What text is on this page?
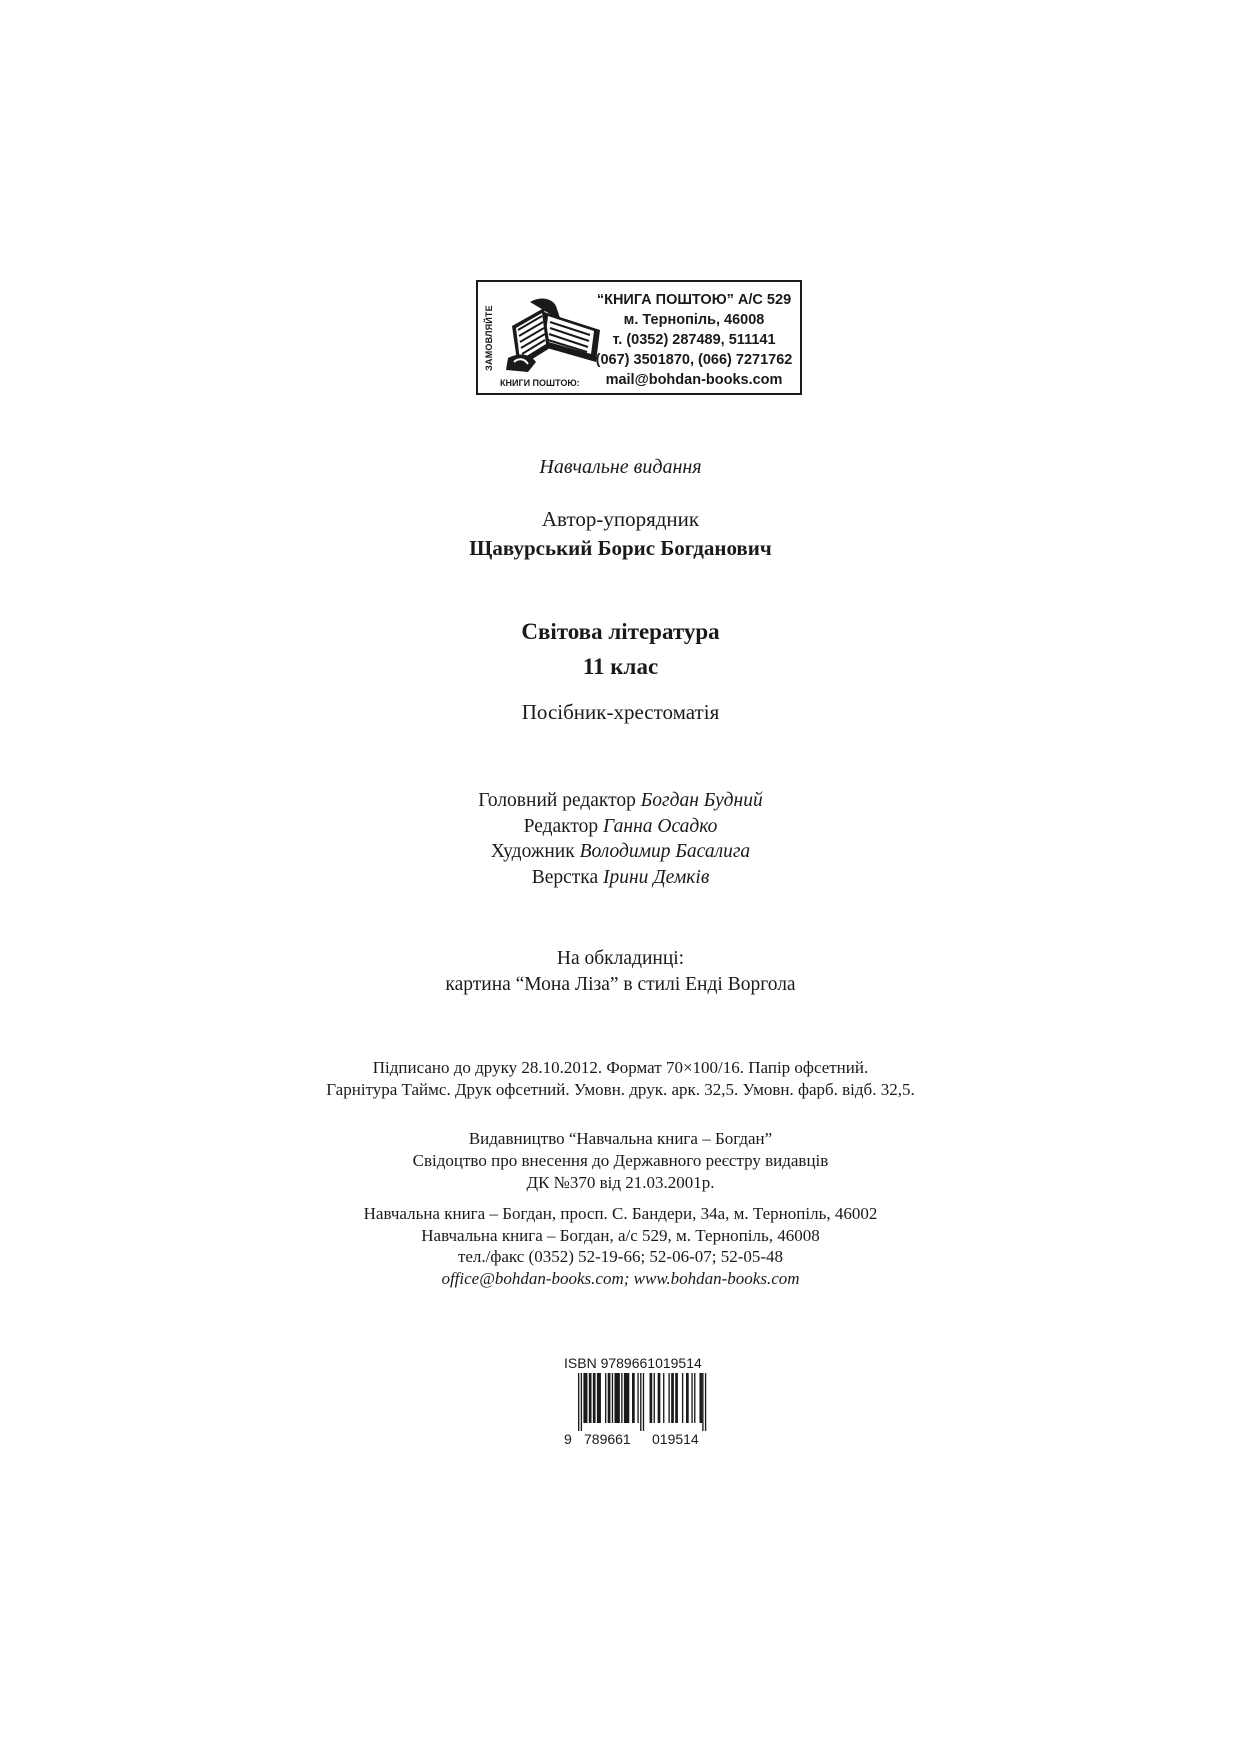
ЗАМОВЛЯЙТЕ
КНИГИ ПОШТОЮ:
“КНИГА ПОШТОЮ” А/С 529
м. Тернопіль, 46008
т. (0352) 287489, 511141
(067) 3501870, (066) 7271762
mail@bohdan-books.com
Навчальне видання
Автор-упорядник
Щавурський Борис Богданович
Світова література
11 клас
Посібник-хрестоматія
Головний редактор Богдан Будний
Редактор Ганна Осадко
Художник Володимир Басалига
Верстка Ірини Демків
На обкладинці:
картина “Мона Ліза” в стилі Енді Воргола
Підписано до друку 28.10.2012. Формат 70×100/16. Папір офсетний.
Гарнітура Таймс. Друк офсетний. Умовн. друк. арк. 32,5. Умовн. фарб. відб. 32,5.
Видавництво “Навчальна книга – Богдан”
Свідоцтво про внесення до Державного реєстру видавців
ДК №370 від 21.03.2001р.
Навчальна книга – Богдан, просп. С. Бандери, 34а, м. Тернопіль, 46002
Навчальна книга – Богдан, а/с 529, м. Тернопіль, 46008
тел./факс (0352) 52-19-66; 52-06-07; 52-05-48
office@bohdan-books.com; www.bohdan-books.com
ISBN 9789661019514
9 789661 019514
